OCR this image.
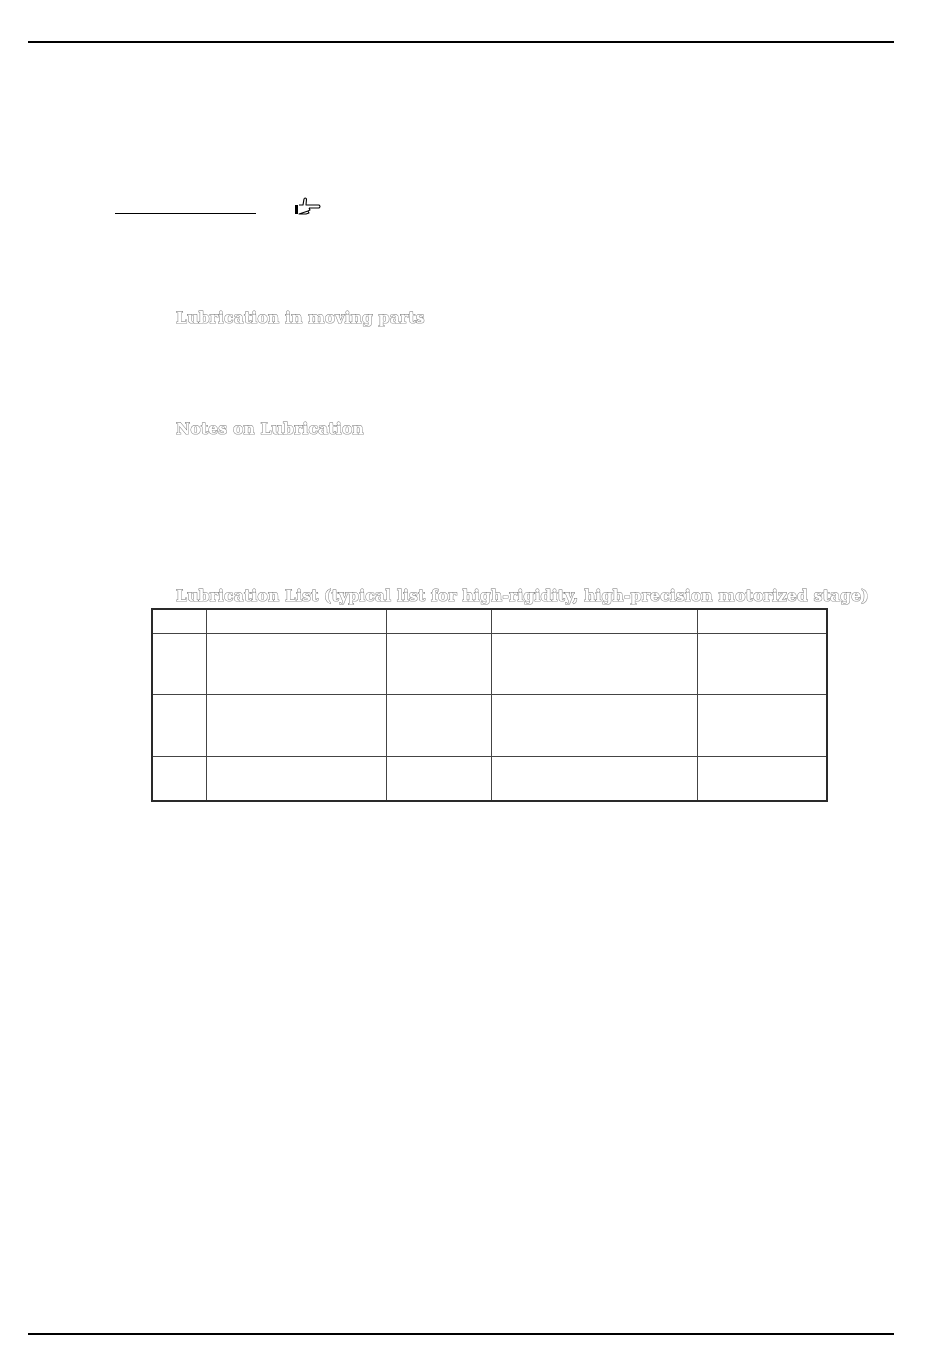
Lubrication in moving parts
Notes on Lubrication
Lubrication List (typical list for high-rigidity, high-precision motorized stage)
